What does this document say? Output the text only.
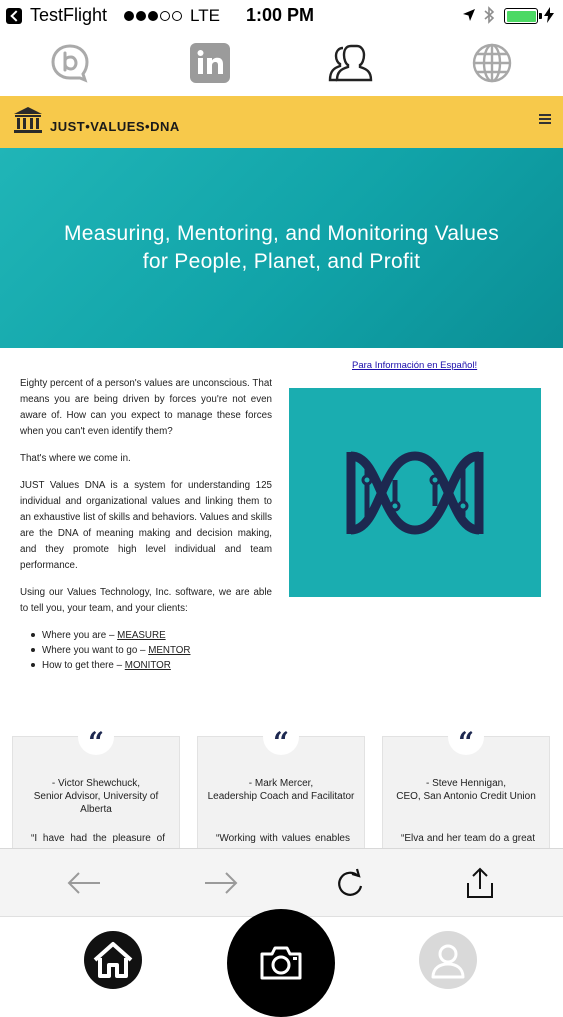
TestFlight	LTE 1:00 PM
JUST•VALUES•DNA
Measuring, Mentoring, and Monitoring Values
for People, Planet, and Profit
Para Información en Español!

Eighty percent of a person's values are unconscious. That means you are being driven by forces you're not even aware of. How can you expect to manage these forces when you can't even identify them?

That's where we come in.

JUST Values DNA is a system for understanding 125 individual and organizational values and linking them to an exhaustive list of skills and behaviors. Values and skills are the DNA of meaning making and decision making, and they promote high level individual and team performance.

Using our Values Technology, Inc. software, we are able to tell you, your team, and your clients:

Where you are – MEASURE
Where you want to go – MENTOR
How to get there – MONITOR
“
- Victor Shewchuck,
Senior Advisor, University of Alberta
“I have had the pleasure of
“
- Mark Mercer,
Leadership Coach and Facilitator
“Working with values enables
“
- Steve Hennigan,
CEO, San Antonio Credit Union
“Elva and her team do a great
